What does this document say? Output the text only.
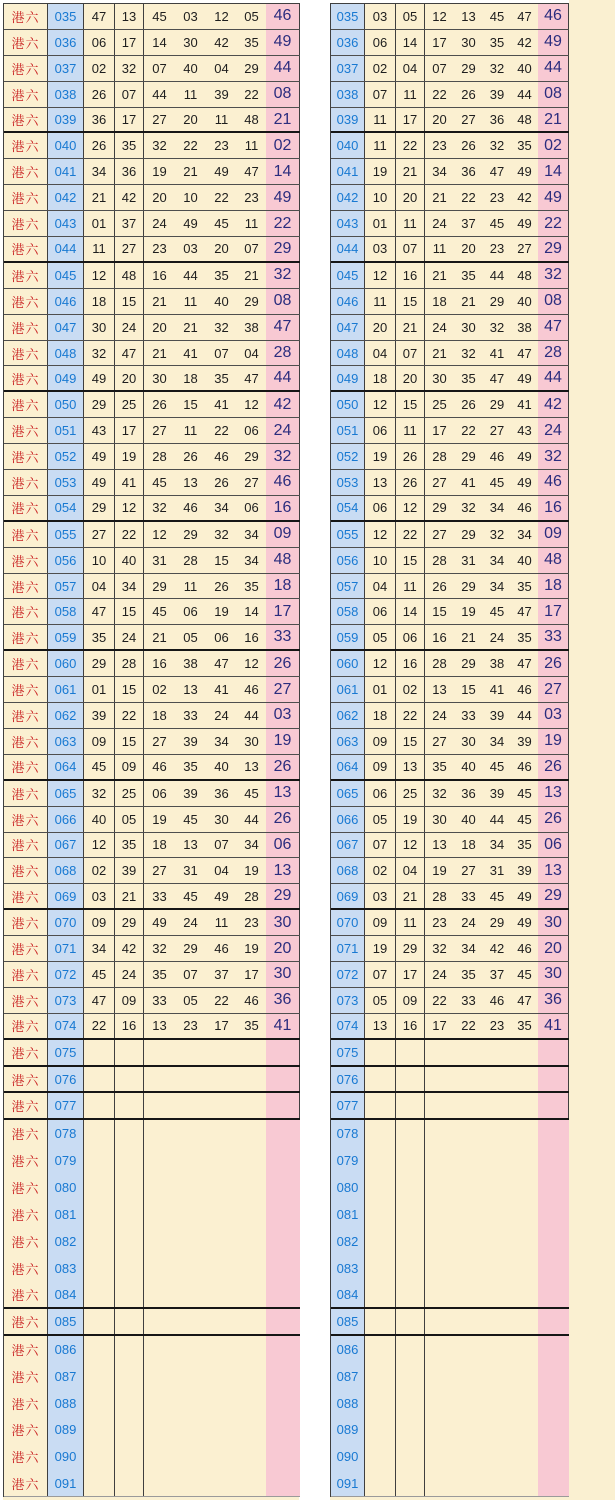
港六	035	47	13	45	03	12	05 46
港六	036	06	17	14	30	42	35 49
港六	037	02	32	07	40	04	29 44
港六	038	26	07	44	11	39	22 08
港六	039	36	17	27	20	11	48 21
港六	040	26	35	32	22	23	11 02
港六	041	34	36	19	21	49	47 14
港六	042	21	42	20	10	22	23 49
港六	043	01	37	24	49	45	11 22
港六	044	11	27	23	03	20	07 29
港六	045	12	48	16	44	35	21 32
港六	046	18	15	21	11	40	29 08
港六	047	30	24	20	21	32	38 47
港六	048	32	47	21	41	07	04 28
港六	049	49	20	30	18	35	47 44
港六	050	29	25	26	15	41	12 42
港六	051	43	17	27	11	22	06 24
港六	052	49	19	28	26	46	29 32
港六	053	49	41	45	13	26	27 46
港六	054	29	12	32	46	34	06 16
港六	055	27	22	12	29	32	34 09
港六	056	10	40	31	28	15	34 48
港六	057	04	34	29	11	26	35 18
港六	058	47	15	45	06	19	14 17
港六	059	35	24	21	05	06	16 33
港六	060	29	28	16	38	47	12 26
港六	061	01	15	02	13	41	46 27
港六	062	39	22	18	33	24	44 03
港六	063	09	15	27	39	34	30 19
港六	064	45	09	46	35	40	13 26
港六	065	32	25	06	39	36	45 13
港六	066	40	05	19	45	30	44 26
港六	067	12	35	18	13	07	34 06
港六	068	02	39	27	31	04	19 13
港六	069	03	21	33	45	49	28 29
港六	070	09	29	49	24	11	23 30
港六	071	34	42	32	29	46	19 20
港六	072	45	24	35	07	37	17 30
港六	073	47	09	33	05	22	46 36
港六	074	22	16	13	23	17	35 41
港六	075
港六	076
港六	077
港六	078
港六	079
港六	080
港六	081
港六	082
港六	083
港六	084
港六	085
港六	086
港六	087
港六	088
港六	089
港六	090
港六	091
035	03	05	12	13	45	47 46
036	06	14	17	30	35	42 49
037	02	04	07	29	32	40 44
038	07	11	22	26	39	44 08
039	11	17	20	27	36	48 21
040	11	22	23	26	32	35 02
041	19	21	34	36	47	49 14
042	10	20	21	22	23	42 49
043	01	11	24	37	45	49 22
044	03	07	11	20	23	27 29
045	12	16	21	35	44	48 32
046	11	15	18	21	29	40 08
047	20	21	24	30	32	38 47
048	04	07	21	32	41	47 28
049	18	20	30	35	47	49 44
050	12	15	25	26	29	41 42
051	06	11	17	22	27	43 24
052	19	26	28	29	46	49 32
053	13	26	27	41	45	49 46
054	06	12	29	32	34	46 16
055	12	22	27	29	32	34 09
056	10	15	28	31	34	40 48
057	04	11	26	29	34	35 18
058	06	14	15	19	45	47 17
059	05	06	16	21	24	35 33
060	12	16	28	29	38	47 26
061	01	02	13	15	41	46 27
062	18	22	24	33	39	44 03
063	09	15	27	30	34	39 19
064	09	13	35	40	45	46 26
065	06	25	32	36	39	45 13
066	05	19	30	40	44	45 26
067	07	12	13	18	34	35 06
068	02	04	19	27	31	39 13
069	03	21	28	33	45	49 29
070	09	11	23	24	29	49 30
071	19	29	32	34	42	46 20
072	07	17	24	35	37	45 30
073	05	09	22	33	46	47 36
074	13	16	17	22	23	35 41
075
076
077
078
079
080
081
082
083
084
085
086
087
088
089
090
091
